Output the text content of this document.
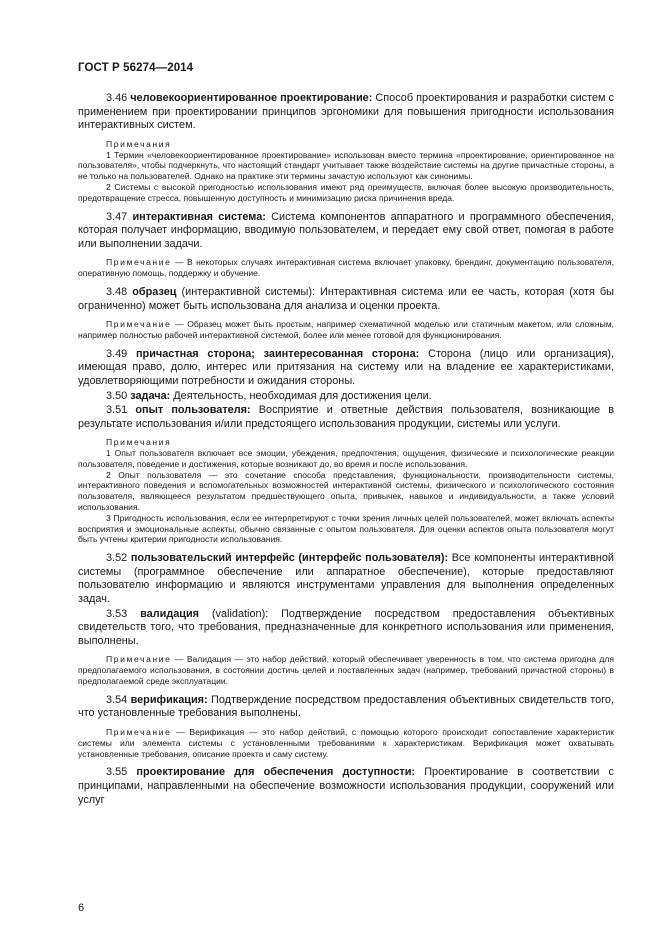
ГОСТ Р 56274—2014

3.46 человекоориентированное проектирование: Способ проектирования и разработки систем с применением при проектировании принципов эргономики для повышения пригодности использования интерактивных систем.

Примечания

1 Термин «человекоориентированное проектирование» использован вместо термина «проектирование, ориентированное на пользователя», чтобы подчеркнуть, что настоящий стандарт учитывает также воздействие системы на другие причастные стороны, а не только на пользователей. Однако на практике эти термины зачастую используют как синонимы.

2 Системы с высокой пригодностью использования имеют ряд преимуществ, включая более высокую производительность, предотвращение стресса, повышенную доступность и минимизацию риска причинения вреда.

3.47 интерактивная система: Система компонентов аппаратного и программного обеспечения, которая получает информацию, вводимую пользователем, и передает ему свой ответ, помогая в работе или выполнении задачи.

Примечание — В некоторых случаях интерактивная система включает упаковку, брендинг, документацию пользователя, оперативную помощь, поддержку и обучение.

3.48 образец (интерактивной системы): Интерактивная система или ее часть, которая (хотя бы ограниченно) может быть использована для анализа и оценки проекта.

Примечание — Образец может быть простым, например схематичной моделью или статичным макетом, или сложным, например полностью рабочей интерактивной системой, более или менее готовой для функционирования.

3.49 причастная сторона; заинтересованная сторона: Сторона (лицо или организация), имеющая право, долю, интерес или притязания на систему или на владение ее характеристиками, удовлетворяющими потребности и ожидания стороны.

3.50 задача: Деятельность, необходимая для достижения цели.

3.51 опыт пользователя: Восприятие и ответные действия пользователя, возникающие в результате использования и/или предстоящего использования продукции, системы или услуги.

Примечания

1 Опыт пользователя включает все эмоции, убеждения, предпочтения, ощущения, физические и психологические реакции пользователя, поведение и достижения, которые возникают до, во время и после использования.

2 Опыт пользователя — это сочетание способа представления, функциональности, производительности системы, интерактивного поведения и вспомогательных возможностей интерактивной системы, физического и психологического состояния пользователя, являющееся результатом предшествующего опыта, привычек, навыков и индивидуальности, а также условий использования.

3 Пригодность использования, если ее интерпретируют с точки зрения личных целей пользователей, может включать аспекты восприятия и эмоциональные аспекты, обычно связанные с опытом пользователя. Для оценки аспектов опыта пользователя могут быть учтены критерии пригодности использования.

3.52 пользовательский интерфейс (интерфейс пользователя): Все компоненты интерактивной системы (программное обеспечение или аппаратное обеспечение), которые предоставляют пользователю информацию и являются инструментами управления для выполнения определенных задач.

3.53 валидация (validation): Подтверждение посредством предоставления объективных свидетельств того, что требования, предназначенные для конкретного использования или применения, выполнены.

Примечание — Валидация — это набор действий, который обеспечивает уверенность в том, что система пригодна для предполагаемого использования, в состоянии достичь целей и поставленных задач (например, требований причастной стороны) в предполагаемой среде эксплуатации.

3.54 верификация: Подтверждение посредством предоставления объективных свидетельств того, что установленные требования выполнены.

Примечание — Верификация — это набор действий, с помощью которого происходит сопоставление характеристик системы или элемента системы с установленными требованиями к характеристикам. Верификация может охватывать установленные требования, описание проекта и саму систему.

3.55 проектирование для обеспечения доступности: Проектирование в соответствии с принципами, направленными на обеспечение возможности использования продукции, сооружений или услуг

6
